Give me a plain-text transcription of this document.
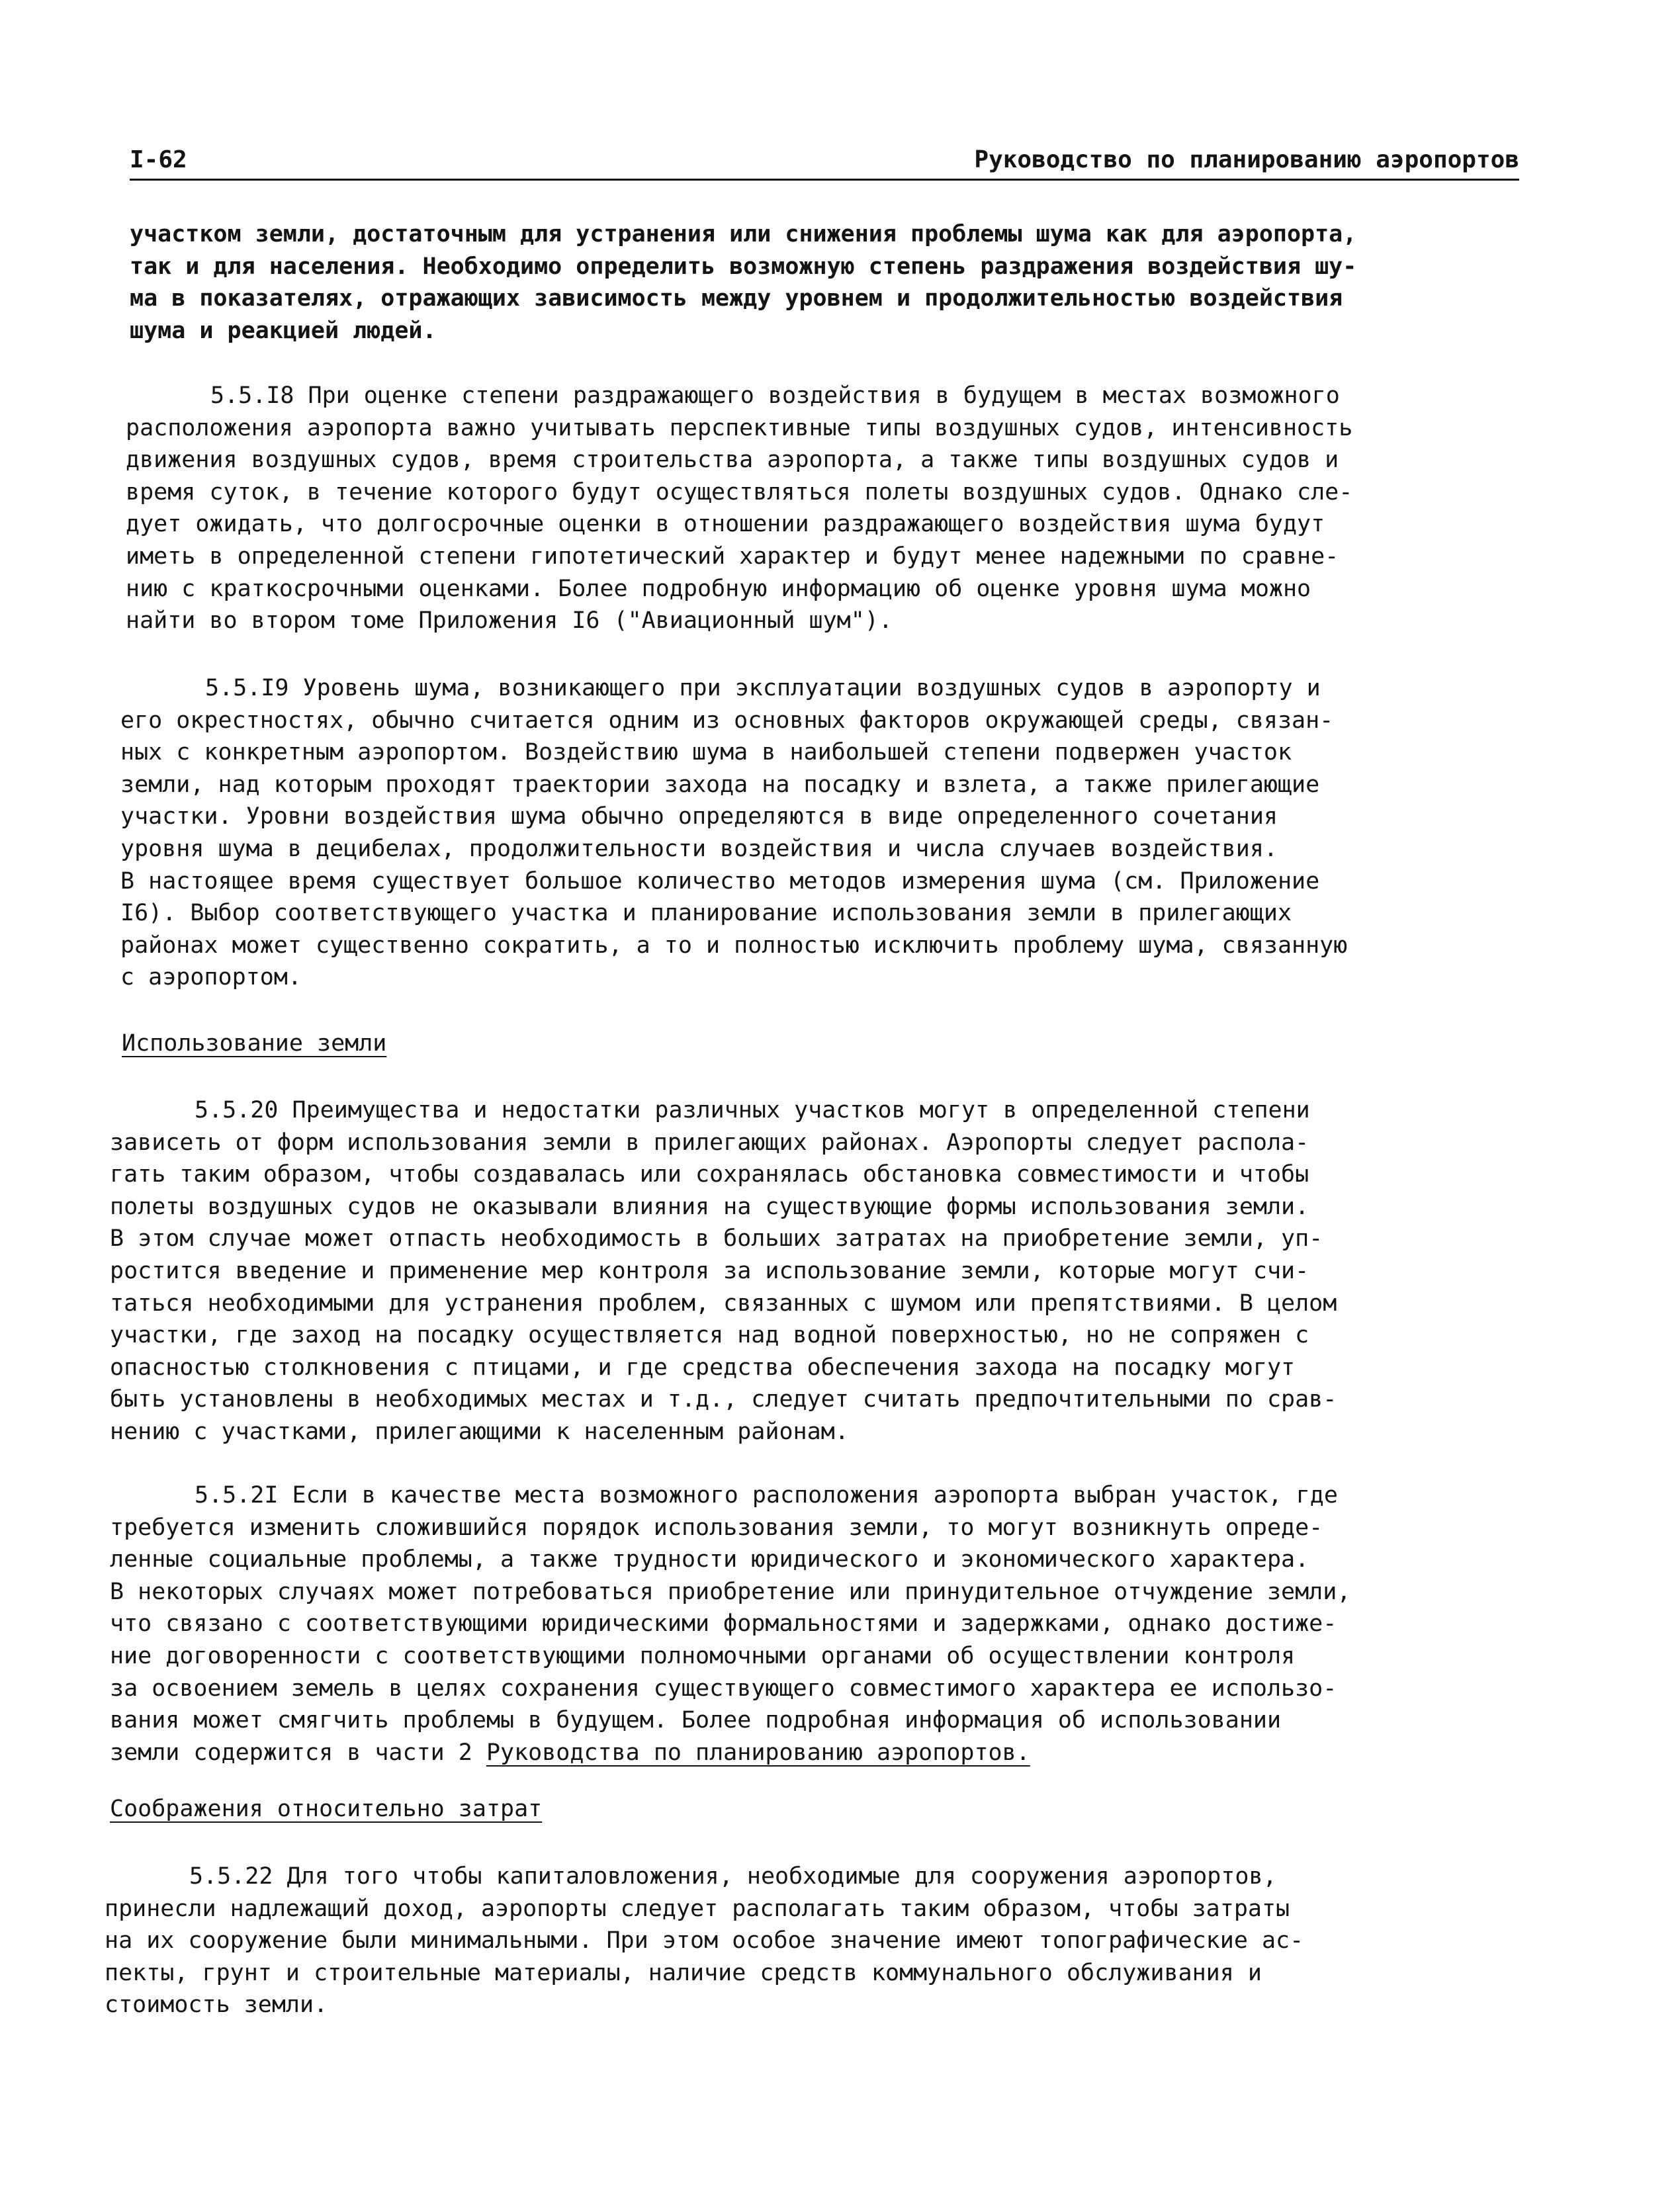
I-62	Руководство по планированию аэропортов
участком земли, достаточным для устранения или снижения проблемы шума как для аэропорта,
так и для населения. Необходимо определить возможную степень раздражения воздействия шу-
ма в показателях, отражающих зависимость между уровнем и продолжительностью воздействия
шума и реакцией людей.
5.5.I8 При оценке степени раздражающего воздействия в будущем в местах возможного
расположения аэропорта важно учитывать перспективные типы воздушных судов, интенсивность
движения воздушных судов, время строительства аэропорта, а также типы воздушных судов и
время суток, в течение которого будут осуществляться полеты воздушных судов. Однако сле-
дует ожидать, что долгосрочные оценки в отношении раздражающего воздействия шума будут
иметь в определенной степени гипотетический характер и будут менее надежными по сравне-
нию с краткосрочными оценками. Более подробную информацию об оценке уровня шума можно
найти во втором томе Приложения I6 ("Авиационный шум").
5.5.I9 Уровень шума, возникающего при эксплуатации воздушных судов в аэропорту и
его окрестностях, обычно считается одним из основных факторов окружающей среды, связан-
ных с конкретным аэропортом. Воздействию шума в наибольшей степени подвержен участок
земли, над которым проходят траектории захода на посадку и взлета, а также прилегающие
участки. Уровни воздействия шума обычно определяются в виде определенного сочетания
уровня шума в децибелах, продолжительности воздействия и числа случаев воздействия.
В настоящее время существует большое количество методов измерения шума (см. Приложение
I6). Выбор соответствующего участка и планирование использования земли в прилегающих
районах может существенно сократить, а то и полностью исключить проблему шума, связанную
с аэропортом.
Использование земли
5.5.20 Преимущества и недостатки различных участков могут в определенной степени
зависеть от форм использования земли в прилегающих районах. Аэропорты следует распола-
гать таким образом, чтобы создавалась или сохранялась обстановка совместимости и чтобы
полеты воздушных судов не оказывали влияния на существующие формы использования земли.
В этом случае может отпасть необходимость в больших затратах на приобретение земли, уп-
ростится введение и применение мер контроля за использование земли, которые могут счи-
таться необходимыми для устранения проблем, связанных с шумом или препятствиями. В целом
участки, где заход на посадку осуществляется над водной поверхностью, но не сопряжен с
опасностью столкновения с птицами, и где средства обеспечения захода на посадку могут
быть установлены в необходимых местах и т.д., следует считать предпочтительными по срав-
нению с участками, прилегающими к населенным районам.
5.5.2I Если в качестве места возможного расположения аэропорта выбран участок, где
требуется изменить сложившийся порядок использования земли, то могут возникнуть опреде-
ленные социальные проблемы, а также трудности юридического и экономического характера.
В некоторых случаях может потребоваться приобретение или принудительное отчуждение земли,
что связано с соответствующими юридическими формальностями и задержками, однако достиже-
ние договоренности с соответствующими полномочными органами об осуществлении контроля
за освоением земель в целях сохранения существующего совместимого характера ее использо-
вания может смягчить проблемы в будущем. Более подробная информация об использовании
земли содержится в части 2 Руководства по планированию аэропортов.
Соображения относительно затрат
5.5.22 Для того чтобы капиталовложения, необходимые для сооружения аэропортов,
принесли надлежащий доход, аэропорты следует располагать таким образом, чтобы затраты
на их сооружение были минимальными. При этом особое значение имеют топографические ас-
пекты, грунт и строительные материалы, наличие средств коммунального обслуживания и
стоимость земли.
